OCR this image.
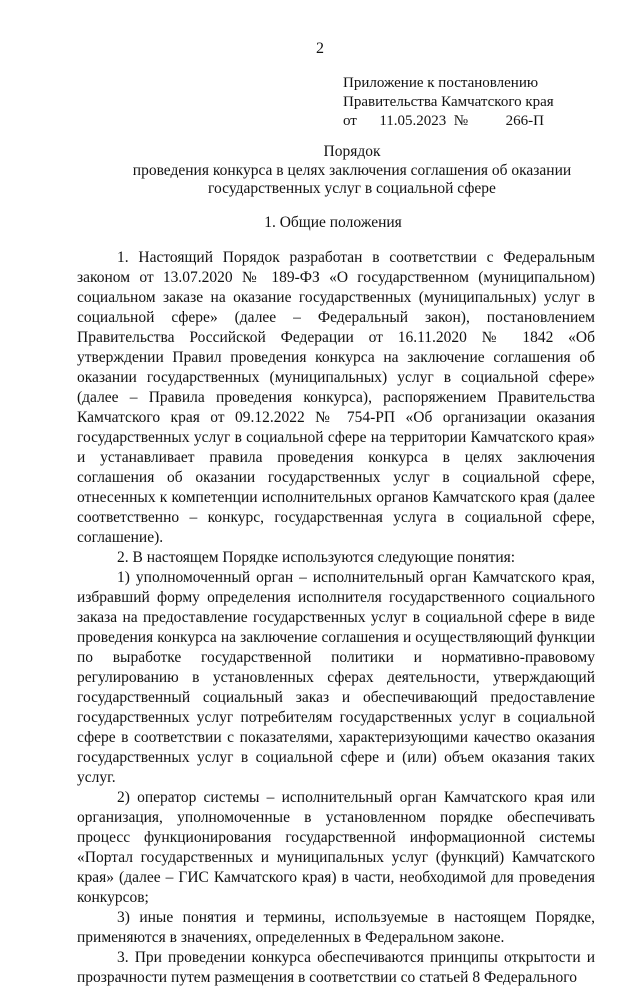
2
Приложение к постановлению
Правительства Камчатского края
от      11.05.2023  №          266-П
Порядок
проведения конкурса в целях заключения соглашения об оказании
государственных услуг в социальной сфере
1. Общие положения

1. Настоящий Порядок разработан в соответствии с Федеральным законом от 13.07.2020 № 189-ФЗ «О государственном (муниципальном) социальном заказе на оказание государственных (муниципальных) услуг в социальной сфере» (далее – Федеральный закон), постановлением Правительства Российской Федерации от 16.11.2020 № 1842 «Об утверждении Правил проведения конкурса на заключение соглашения об оказании государственных (муниципальных) услуг в социальной сфере» (далее – Правила проведения конкурса), распоряжением Правительства Камчатского края от 09.12.2022 № 754-РП «Об организации оказания государственных услуг в социальной сфере на территории Камчатского края» и устанавливает правила проведения конкурса в целях заключения соглашения об оказании государственных услуг в социальной сфере, отнесенных к компетенции исполнительных органов Камчатского края (далее соответственно – конкурс, государственная услуга в социальной сфере, соглашение).

2. В настоящем Порядке используются следующие понятия:

1) уполномоченный орган – исполнительный орган Камчатского края, избравший форму определения исполнителя государственного социального заказа на предоставление государственных услуг в социальной сфере в виде проведения конкурса на заключение соглашения и осуществляющий функции по выработке государственной политики и нормативно-правовому регулированию в установленных сферах деятельности, утверждающий государственный социальный заказ и обеспечивающий предоставление государственных услуг потребителям государственных услуг в социальной сфере в соответствии с показателями, характеризующими качество оказания государственных услуг в социальной сфере и (или) объем оказания таких услуг.

2) оператор системы – исполнительный орган Камчатского края или организация, уполномоченные в установленном порядке обеспечивать процесс функционирования государственной информационной системы «Портал государственных и муниципальных услуг (функций) Камчатского края» (далее – ГИС Камчатского края) в части, необходимой для проведения конкурсов;

3) иные понятия и термины, используемые в настоящем Порядке, применяются в значениях, определенных в Федеральном законе.

3. При проведении конкурса обеспечиваются принципы открытости и прозрачности путем размещения в соответствии со статьей 8 Федерального
